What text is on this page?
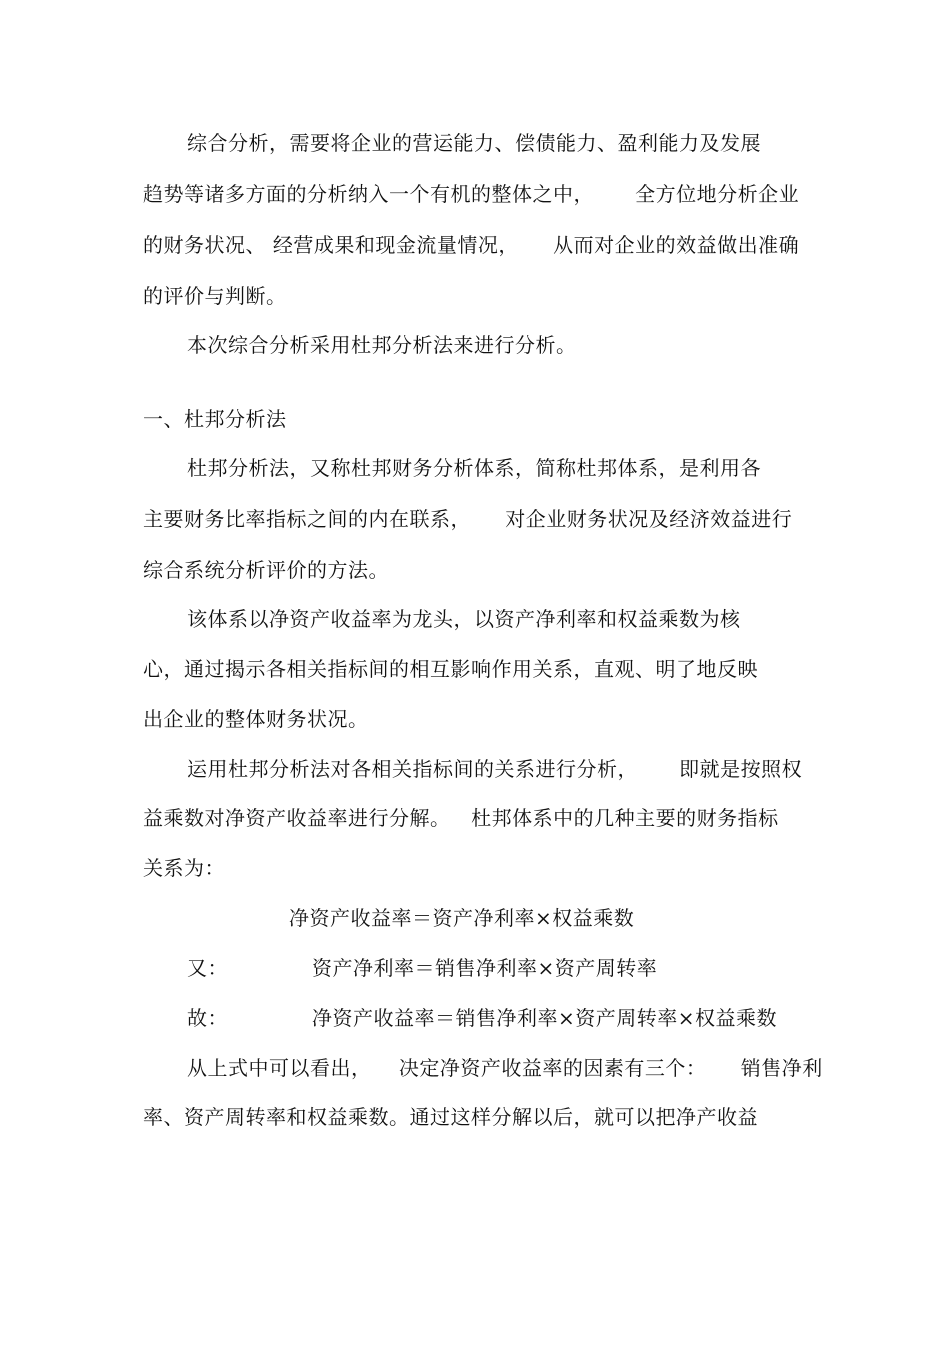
综合分析，需要将企业的营运能力、偿债能力、盈利能力及发展
趋势等诸多方面的分析纳入一个有机的整体之中，      全方位地分析企业
的财务状况、 经营成果和现金流量情况，     从而对企业的效益做出准确
的评价与判断。
本次综合分析采用杜邦分析法来进行分析。
一、杜邦分析法
杜邦分析法，又称杜邦财务分析体系，简称杜邦体系，是利用各
主要财务比率指标之间的内在联系，     对企业财务状况及经济效益进行
综合系统分析评价的方法。
该体系以净资产收益率为龙头，以资产净利率和权益乘数为核
心，通过揭示各相关指标间的相互影响作用关系，直观、明了地反映
出企业的整体财务状况。
运用杜邦分析法对各相关指标间的关系进行分析，      即就是按照权
益乘数对净资产收益率进行分解。   杜邦体系中的几种主要的财务指标
关系为：
净资产收益率＝资产净利率×权益乘数
又：	资产净利率＝销售净利率×资产周转率
故：	净资产收益率＝销售净利率×资产周转率×权益乘数
从上式中可以看出，    决定净资产收益率的因素有三个：     销售净利
率、资产周转率和权益乘数。通过这样分解以后，就可以把净产收益
